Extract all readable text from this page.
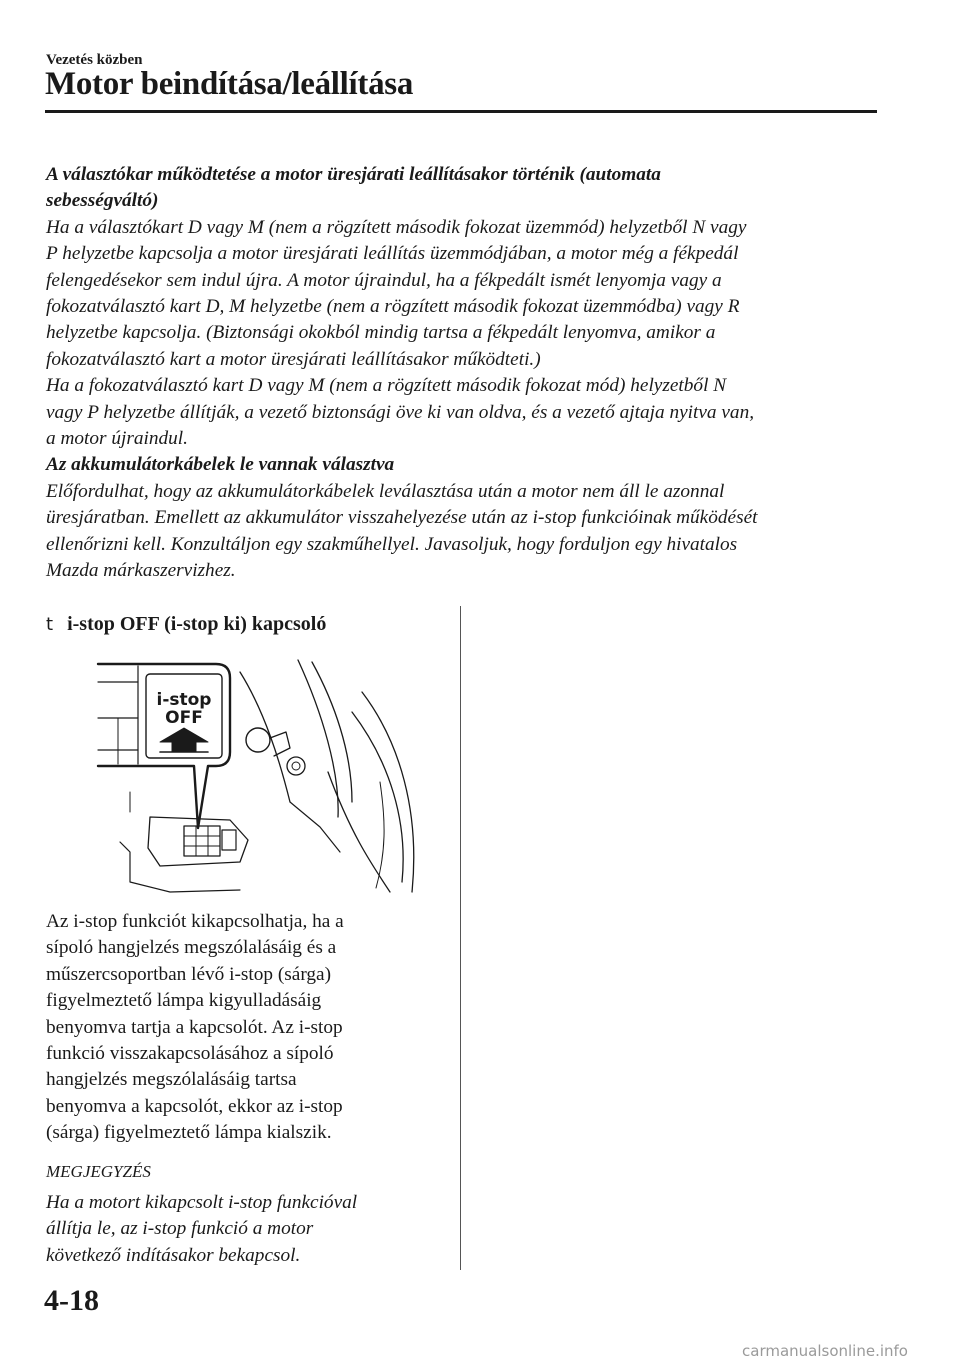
Vezetés közben
Motor beindítása/leállítása

A választókar működtetése a motor üresjárati leállításakor történik (automata
sebességváltó)

Ha a választókart D vagy M (nem a rögzített második fokozat üzemmód) helyzetből N vagy
P helyzetbe kapcsolja a motor üresjárati leállítás üzemmódjában, a motor még a fékpedál
felengedésekor sem indul újra. A motor újraindul, ha a fékpedált ismét lenyomja vagy a
fokozatválasztó kart D, M helyzetbe (nem a rögzített második fokozat üzemmódba) vagy R
helyzetbe kapcsolja. (Biztonsági okokból mindig tartsa a fékpedált lenyomva, amikor a
fokozatválasztó kart a motor üresjárati leállításakor működteti.)

Ha a fokozatválasztó kart D vagy M (nem a rögzített második fokozat mód) helyzetből N
vagy P helyzetbe állítják, a vezető biztonsági öve ki van oldva, és a vezető ajtaja nyitva van,
a motor újraindul.

Az akkumulátorkábelek le vannak választva

Előfordulhat, hogy az akkumulátorkábelek leválasztása után a motor nem áll le azonnal
üresjáratban. Emellett az akkumulátor visszahelyezése után az i-stop funkcióinak működését
ellenőrizni kell. Konzultáljon egy szakműhellyel. Javasoljuk, hogy forduljon egy hivatalos
Mazda márkaszervizhez.

t i-stop OFF (i-stop ki) kapcsoló
i-stop
OFF

Az i-stop funkciót kikapcsolhatja, ha a
sípoló hangjelzés megszólalásáig és a
műszercsoportban lévő i-stop (sárga)
figyelmeztető lámpa kigyulladásáig
benyomva tartja a kapcsolót. Az i-stop
funkció visszakapcsolásához a sípoló
hangjelzés megszólalásáig tartsa
benyomva a kapcsolót, ekkor az i-stop
(sárga) figyelmeztető lámpa kialszik.

MEGJEGYZÉS

Ha a motort kikapcsolt i-stop funkcióval
állítja le, az i-stop funkció a motor
következő indításakor bekapcsol.

4-18
carmanualsonline.info
